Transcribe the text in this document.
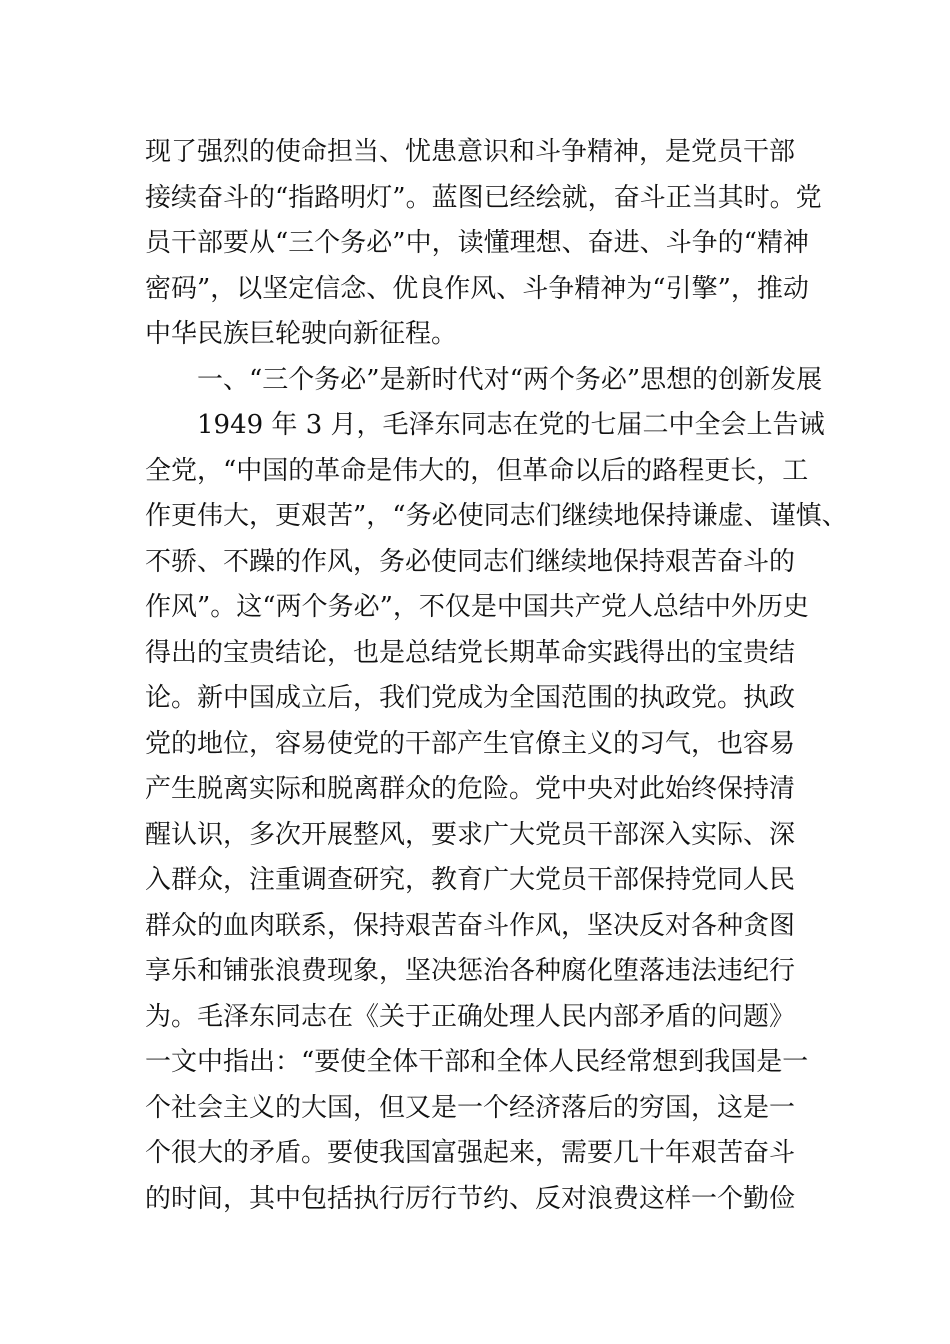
现了强烈的使命担当、忧患意识和斗争精神，是党员干部
接续奋斗的“指路明灯”。蓝图已经绘就，奋斗正当其时。党
员干部要从“三个务必”中，读懂理想、奋进、斗争的“精神
密码”，以坚定信念、优良作风、斗争精神为“引擎”，推动
中华民族巨轮驶向新征程。
一、“三个务必”是新时代对“两个务必”思想的创新发展
1949 年 3 月，毛泽东同志在党的七届二中全会上告诫
全党，“中国的革命是伟大的，但革命以后的路程更长，工
作更伟大，更艰苦”，“务必使同志们继续地保持谦虚、谨慎、
不骄、不躁的作风，务必使同志们继续地保持艰苦奋斗的
作风”。这“两个务必”，不仅是中国共产党人总结中外历史
得出的宝贵结论，也是总结党长期革命实践得出的宝贵结
论。新中国成立后，我们党成为全国范围的执政党。执政
党的地位，容易使党的干部产生官僚主义的习气，也容易
产生脱离实际和脱离群众的危险。党中央对此始终保持清
醒认识，多次开展整风，要求广大党员干部深入实际、深
入群众，注重调查研究，教育广大党员干部保持党同人民
群众的血肉联系，保持艰苦奋斗作风，坚决反对各种贪图
享乐和铺张浪费现象，坚决惩治各种腐化堕落违法违纪行
为。毛泽东同志在《关于正确处理人民内部矛盾的问题》
一文中指出：“要使全体干部和全体人民经常想到我国是一
个社会主义的大国，但又是一个经济落后的穷国，这是一
个很大的矛盾。要使我国富强起来，需要几十年艰苦奋斗
的时间，其中包括执行厉行节约、反对浪费这样一个勤俭
